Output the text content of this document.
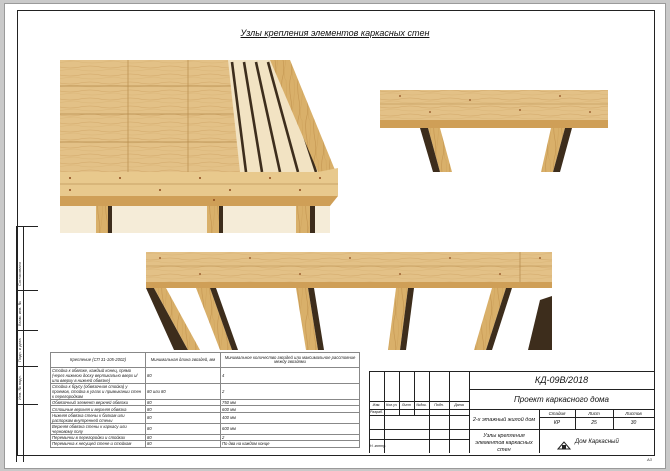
Узлы крепления элементов каркасных стен
Согласовано
Взам. инв. №
Подп. и дата
Инв. № подл.
Крепление (СП 31-105-2002)	Минимальная длина гвоздей, мм	Минимальное количество гвоздей или максимальное расстояние между гвоздями
Стойка к обвязке, каждый конец, прямо (через нижнюю доску вертикально вверх и/или вверху в нижней обвязке)	80	4
Стойка к брусу (обвязочная стойка) у проемов, стойка в углах и примыкании стен к перегородкам	80 или 80	2
Обвязочный элемент верхней обвязки	80	750 мм
Сплошные верхняя и верхняя обвязка	80	600 мм
Нижняя обвязка стены к балкам или распоркам внутренней стены	80	400 мм
Верхняя обвязка стены к каркасу или черновому полу	80	600 мм
Перемычки в перегородки и стойках	80	2
Перемычка к несущей стене и стойкам	80	По два на каждом конце
КД-09В/2018
Проект каркасного дома
2-х этажный жилой дом
Узлы крепления элементов каркасных стен
Стадия	Лист	Листов
КР	25	30
Дом Каркасный
Изм.	Кол.уч	Лист	№док.	Подп.	Дата
Разраб.
Н. контр.
А3
